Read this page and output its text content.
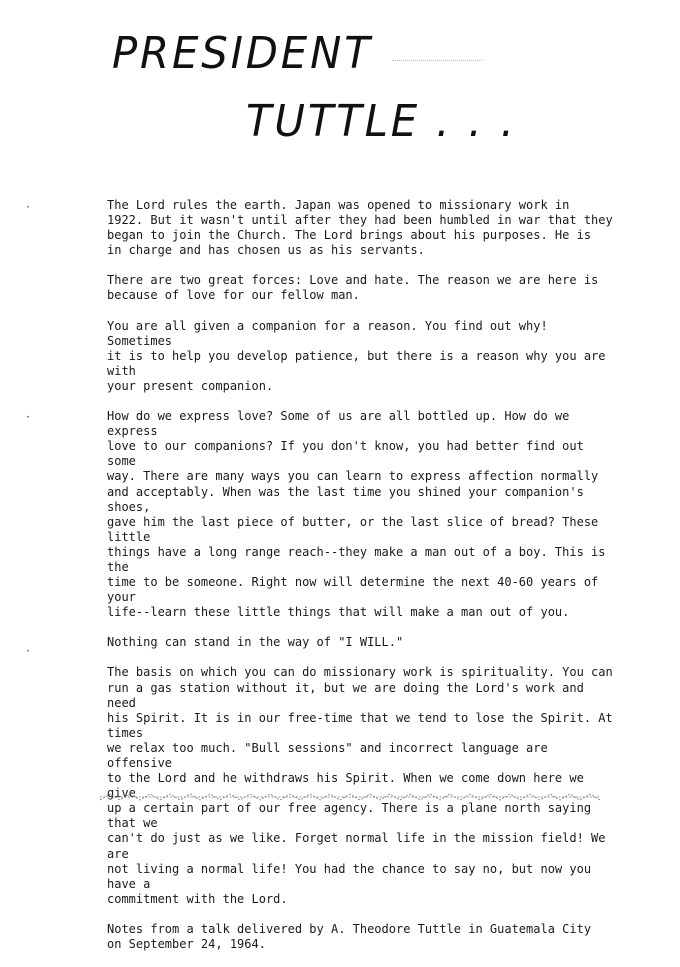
PRESIDENT
TUTTLE . . .
·
·
·

The Lord rules the earth. Japan was opened to missionary work in
1922. But it wasn't until after they had been humbled in war that they
began to join the Church. The Lord brings about his purposes. He is
in charge and has chosen us as his servants.

There are two great forces: Love and hate. The reason we are here is
because of love for our fellow man.

You are all given a companion for a reason. You find out why! Sometimes
it is to help you develop patience, but there is a reason why you are with
your present companion.

How do we express love? Some of us are all bottled up. How do we express
love to our companions? If you don't know, you had better find out some
way. There are many ways you can learn to express affection normally
and acceptably. When was the last time you shined your companion's shoes,
gave him the last piece of butter, or the last slice of bread? These little
things have a long range reach--they make a man out of a boy. This is the
time to be someone. Right now will determine the next 40-60 years of your
life--learn these little things that will make a man out of you.

Nothing can stand in the way of "I WILL."

The basis on which you can do missionary work is spirituality. You can
run a gas station without it, but we are doing the Lord's work and need
his Spirit. It is in our free-time that we tend to lose the Spirit. At times
we relax too much. "Bull sessions" and incorrect language are offensive
to the Lord and he withdraws his Spirit. When we come down here we give
up a certain part of our free agency. There is a plane north saying that we
can't do just as we like. Forget normal life in the mission field! We are
not living a normal life! You had the chance to say no, but now you have a
commitment with the Lord.

Notes from a talk delivered by A. Theodore Tuttle in Guatemala City
on September 24, 1964.
